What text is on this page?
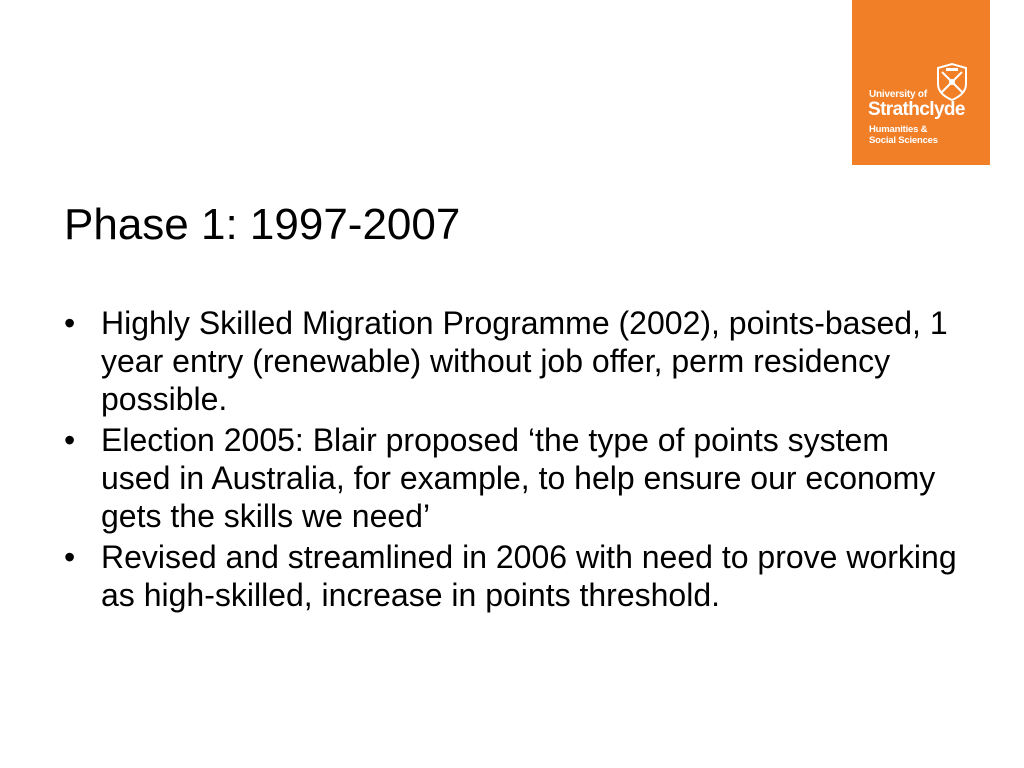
University of
Strathclyde
Humanities &
Social Sciences
Phase 1: 1997-2007
• Highly Skilled Migration Programme (2002), points-based, 1 year entry (renewable) without job offer, perm residency possible.
• Election 2005: Blair proposed ‘the type of points system used in Australia, for example, to help ensure our economy gets the skills we need’
• Revised and streamlined in 2006 with need to prove working as high-skilled, increase in points threshold.
